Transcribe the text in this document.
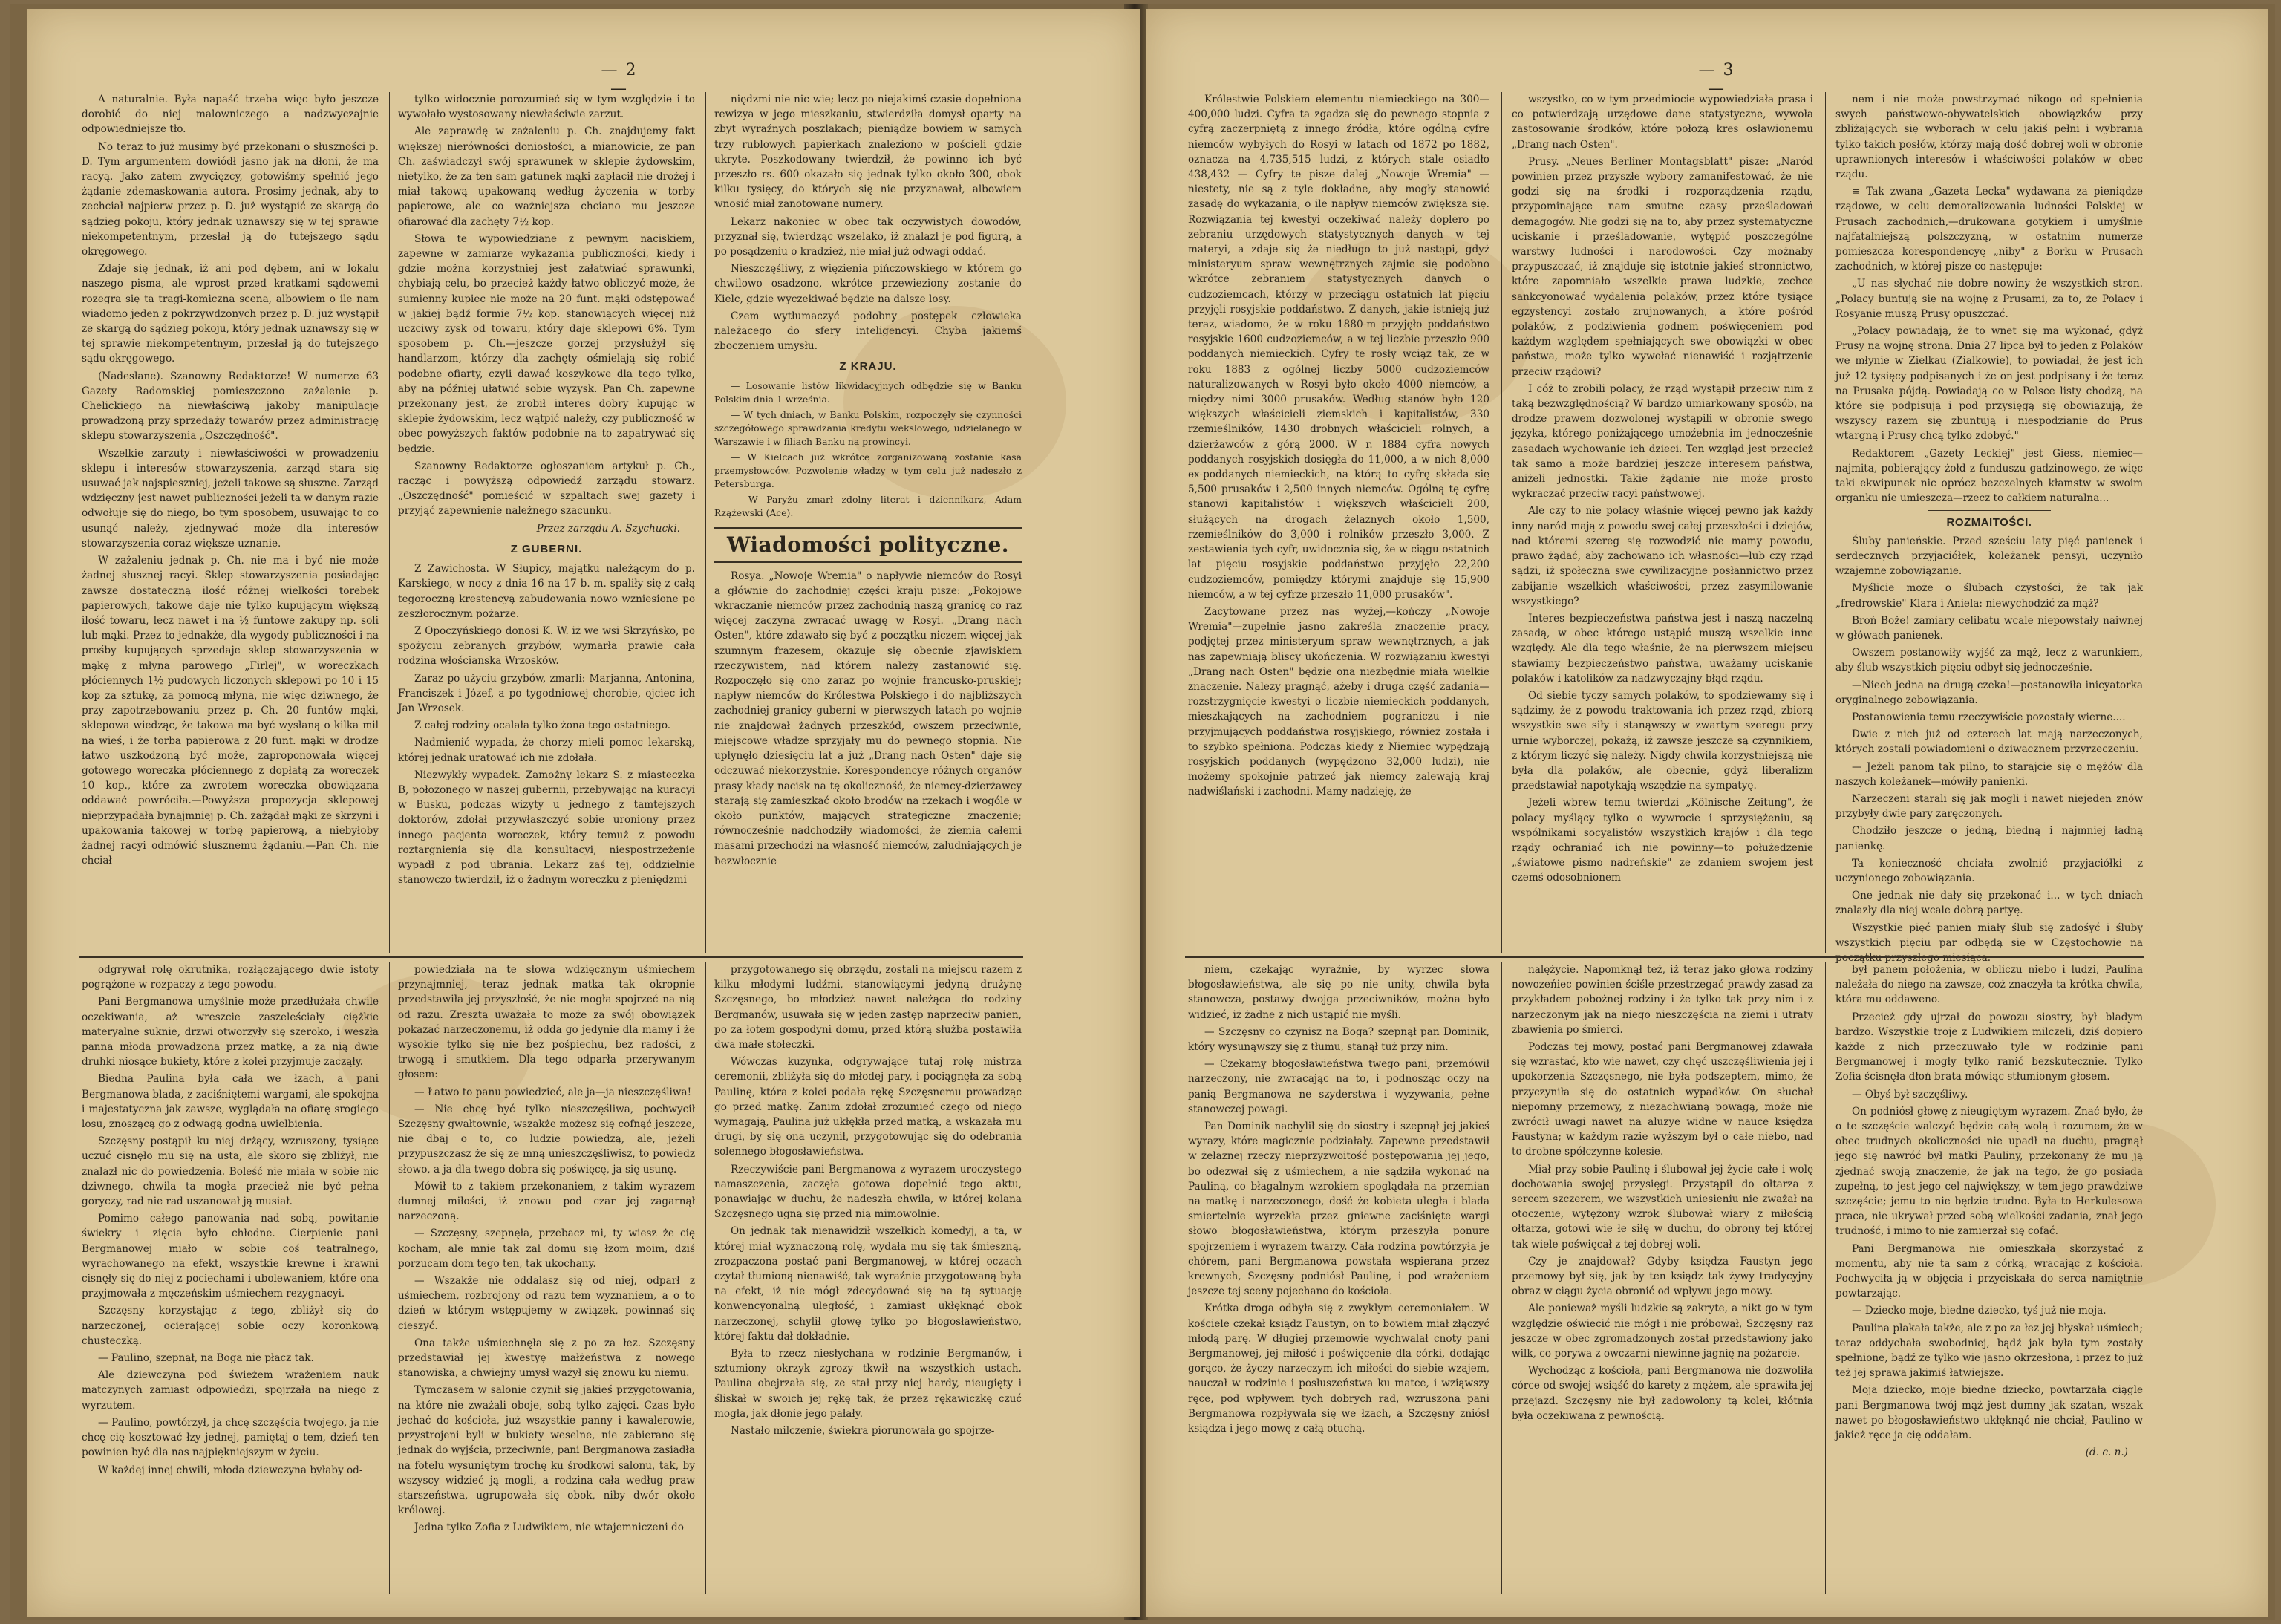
— 2 —

A naturalnie. Była napaść trzeba więc było jeszcze dorobić do niej malowniczego a nadzwyczajnie odpowiedniejsze tło.

No teraz to już musimy być przekonani o słuszności p. D. Tym argumentem dowiódł jasno jak na dłoni, że ma racyą. Jako zatem zwycięzcy, gotowiśmy spełnić jego żądanie zdemaskowania autora. Prosimy jednak, aby to zechciał najpierw przez p. D. już wystąpić ze skargą do sądzieg pokoju, który jednak uznawszy się w tej sprawie niekompetentnym, przesłał ją do tutejszego sądu okręgowego.

Zdaje się jednak, iż ani pod dębem, ani w lokalu naszego pisma, ale wprost przed kratkami sądowemi rozegra się ta tragi-komiczna scena, albowiem o ile nam wiadomo jeden z pokrzywdzonych przez p. D. już wystąpił ze skargą do sądzieg pokoju, który jednak uznawszy się w tej sprawie niekompetentnym, przesłał ją do tutejszego sądu okręgowego.

(Nadesłane). Szanowny Redaktorze! W numerze 63 Gazety Radomskiej pomieszczono zażalenie p. Chelickiego na niewłaściwą jakoby manipulację prowadzoną przy sprzedaży towarów przez administrację sklepu stowarzyszenia „Oszczędność".

Wszelkie zarzuty i niewłaściwości w prowadzeniu sklepu i interesów stowarzyszenia, zarząd stara się usuwać jak najspieszniej, jeżeli takowe są słuszne. Zarząd wdzięczny jest nawet publiczności jeżeli ta w danym razie odwołuje się do niego, bo tym sposobem, usuwając to co usunąć należy, zjednywać może dla interesów stowarzyszenia coraz większe uznanie.

W zażaleniu jednak p. Ch. nie ma i być nie może żadnej słusznej racyi. Sklep stowarzyszenia posiadając zawsze dostateczną ilość różnej wielkości torebek papierowych, takowe daje nie tylko kupującym większą ilość towaru, lecz nawet i na ½ funtowe zakupy np. soli lub mąki. Przez to jednakże, dla wygody publiczności i na prośby kupujących sprzedaje sklep stowarzyszenia w mąkę z młyna parowego „Firlej", w woreczkach płóciennych 1½ pudowych liczonych sklepowi po 10 i 15 kop za sztukę, za pomocą młyna, nie więc dziwnego, że przy zapotrzebowaniu przez p. Ch. 20 funtów mąki, sklepowa wiedząc, że takowa ma być wysłaną o kilka mil na wieś, i że torba papierowa z 20 funt. mąki w drodze łatwo uszkodzoną być może, zaproponowała więcej gotowego woreczka płóciennego z dopłatą za woreczek 10 kop., które za zwrotem woreczka obowiązana oddawać powróciła.—Powyższa propozycja sklepowej nieprzypadała bynajmniej p. Ch. zażądał mąki ze skrzyni i upakowania takowej w torbę papierową, a niebyłoby żadnej racyi odmówić słusznemu żądaniu.—Pan Ch. nie chciał

tylko widocznie porozumieć się w tym względzie i to wywołało wystosowany niewłaściwie zarzut.

Ale zaprawdę w zażaleniu p. Ch. znajdujemy fakt większej nierówności doniosłości, a mianowicie, że pan Ch. zaświadczył swój sprawunek w sklepie żydowskim, nietylko, że za ten sam gatunek mąki zapłacił nie drożej i miał takową upakowaną według życzenia w torby papierowe, ale co ważniejsza chciano mu jeszcze ofiarować dla zachęty 7½ kop.

Słowa te wypowiedziane z pewnym naciskiem, zapewne w zamiarze wykazania publiczności, kiedy i gdzie można korzystniej jest załatwiać sprawunki, chybiają celu, bo przecież każdy łatwo obliczyć może, że sumienny kupiec nie może na 20 funt. mąki odstępować w jakiej bądź formie 7½ kop. stanowiących więcej niż uczciwy zysk od towaru, który daje sklepowi 6%. Tym sposobem p. Ch.—jeszcze gorzej przysłużył się handlarzom, którzy dla zachęty ośmielają się robić podobne ofiarty, czyli dawać koszykowe dla tego tylko, aby na później ułatwić sobie wyzysk. Pan Ch. zapewne przekonany jest, że zrobił interes dobry kupując w sklepie żydowskim, lecz wątpić należy, czy publiczność w obec powyższych faktów podobnie na to zapatrywać się będzie.

Szanowny Redaktorze ogłoszaniem artykuł p. Ch., racząc i powyższą odpowiedź zarządu stowarz. „Oszczędność" pomieścić w szpaltach swej gazety i przyjąć zapewnienie należnego szacunku.

Przez zarządu A. Szychucki.
Z GUBERNI.

Z Zawichosta. W Słupicy, majątku należącym do p. Karskiego, w nocy z dnia 16 na 17 b. m. spaliły się z całą tegoroczną krestencyą zabudowania nowo wzniesione po zeszłorocznym pożarze.

Z Opoczyńskiego donosi K. W. iż we wsi Skrzyńsko, po spożyciu zebranych grzybów, wymarła prawie cała rodzina włościanska Wrzosków.

Zaraz po użyciu grzybów, zmarli: Marjanna, Antonina, Franciszek i Józef, a po tygodniowej chorobie, ojciec ich Jan Wrzosek.

Z całej rodziny ocalała tylko żona tego ostatniego.

Nadmienić wypada, że chorzy mieli pomoc lekarską, której jednak uratować ich nie zdołała.

Niezwykły wypadek. Zamożny lekarz S. z miasteczka B, położonego w naszej gubernii, przebywając na kuracyi w Busku, podczas wizyty u jednego z tamtejszych doktorów, zdołał przywłaszczyć sobie uroniony przez innego pacjenta woreczek, który temuż z powodu roztargnienia się dla konsultacyi, niespostrzeżenie wypadł z pod ubrania. Lekarz zaś tej, oddzielnie stanowczo twierdził, iż o żadnym woreczku z pieniędzmi

niędzmi nie nic wie; lecz po niejakimś czasie dopełniona rewizya w jego mieszkaniu, stwierdziła domysł oparty na zbyt wyraźnych poszlakach; pieniądze bowiem w samych trzy rublowych papierkach znaleziono w pościeli gdzie ukryte. Poszkodowany twierdził, że powinno ich być przeszło rs. 600 okazało się jednak tylko około 300, obok kilku tysięcy, do których się nie przyznawał, albowiem wnosić miał zanotowane numery.

Lekarz nakoniec w obec tak oczywistych dowodów, przyznał się, twierdząc wszelako, iż znalazł je pod figurą, a po posądzeniu o kradzież, nie miał już odwagi oddać.

Nieszczęśliwy, z więzienia pińczowskiego w którem go chwilowo osadzono, wkrótce przewieziony zostanie do Kielc, gdzie wyczekiwać będzie na dalsze losy.

Czem wytłumaczyć podobny postępek człowieka należącego do sfery inteligencyi. Chyba jakiemś zboczeniem umysłu.

Z KRAJU.

— Losowanie listów likwidacyjnych odbędzie się w Banku Polskim dnia 1 września.

— W tych dniach, w Banku Polskim, rozpoczęły się czynności szczegółowego sprawdzania kredytu wekslowego, udzielanego w Warszawie i w filiach Banku na prowincyi.

— W Kielcach już wkrótce zorganizowaną zostanie kasa przemysłowców. Pozwolenie władzy w tym celu już nadeszło z Petersburga.

— W Paryżu zmarł zdolny literat i dziennikarz, Adam Rzążewski (Ace).

Wiadomości polityczne.

Rosya. „Nowoje Wremia" o napływie niemców do Rosyi a głównie do zachodniej części kraju pisze: „Pokojowe wkraczanie niemców przez zachodnią naszą granicę co raz więcej zaczyna zwracać uwagę w Rosyi. „Drang nach Osten", które zdawało się być z początku niczem więcej jak szumnym frazesem, okazuje się obecnie zjawiskiem rzeczywistem, nad którem należy zastanowić się. Rozpoczęło się ono zaraz po wojnie francusko-pruskiej; napływ niemców do Królestwa Polskiego i do najbliższych zachodniej granicy guberni w pierwszych latach po wojnie nie znajdował żadnych przeszkód, owszem przeciwnie, miejscowe władze sprzyjały mu do pewnego stopnia. Nie upłynęło dziesięciu lat a już „Drang nach Osten" daje się odczuwać niekorzystnie. Korespondencye różnych organów prasy kłady nacisk na tę okoliczność, że niemcy-dzierżawcy starają się zamieszkać około brodów na rzekach i wogóle w około punktów, mających strategiczne znaczenie; równocześnie nadchodziły wiadomości, że ziemia całemi masami przechodzi na własność niemców, zaludniających je bezwłocznie

odgrywał rolę okrutnika, rozłączającego dwie istoty pogrążone w rozpaczy z tego powodu.

Pani Bergmanowa umyślnie może przedłużała chwile oczekiwania, aż wreszcie zaszeleściały ciężkie materyalne suknie, drzwi otworzyły się szeroko, i weszła panna młoda prowadzona przez matkę, a za nią dwie druhki niosące bukiety, które z kolei przyjmuje zacząły.

Biedna Paulina była cała we łzach, a pani Bergmanowa blada, z zaciśniętemi wargami, ale spokojna i majestatyczna jak zawsze, wyglądała na ofiarę srogiego losu, znoszącą go z odwagą godną uwielbienia.

Szczęsny postąpił ku niej drżący, wzruszony, tysiące uczuć cisnęło mu się na usta, ale skoro się zbliżył, nie znalazł nic do powiedzenia. Boleść nie miała w sobie nic dziwnego, chwila ta mogła przecież nie być pełna goryczy, rad nie rad uszanował ją musiał.

Pomimo całego panowania nad sobą, powitanie świekry i zięcia było chłodne. Cierpienie pani Bergmanowej miało w sobie coś teatralnego, wyrachowanego na efekt, wszystkie krewne i krawni cisnęły się do niej z pociechami i ubolewaniem, które ona przyjmowała z męczeńskim uśmiechem rezygnacyi.

Szczęsny korzystając z tego, zbliżył się do narzeczonej, ocierającej sobie oczy koronkową chusteczką.

— Paulino, szepnął, na Boga nie płacz tak.

Ale dziewczyna pod świeżem wrażeniem nauk matczynych zamiast odpowiedzi, spojrzała na niego z wyrzutem.

— Paulino, powtórzył, ja chcę szczęścia twojego, ja nie chcę cię kosztować łzy jednej, pamiętaj o tem, dzień ten powinien być dla nas najpiękniejszym w życiu.

W każdej innej chwili, młoda dziewczyna byłaby od-

powiedziała na te słowa wdzięcznym uśmiechem przynajmniej, teraz jednak matka tak okropnie przedstawiła jej przyszłość, że nie mogła spojrzeć na nią od razu. Zresztą uważała to może za swój obowiązek pokazać narzeczonemu, iż odda go jedynie dla mamy i że wysokie tylko się nie bez pośpiechu, bez radości, z trwogą i smutkiem. Dla tego odparła przerywanym głosem:

— Łatwo to panu powiedzieć, ale ja—ja nieszczęśliwa!

— Nie chcę być tylko nieszczęśliwa, pochwycił Szczęsny gwałtownie, wszakże możesz się cofnąć jeszcze, nie dbaj o to, co ludzie powiedzą, ale, jeżeli przypuszczasz że się ze mną unieszczęśliwisz, to powiedz słowo, a ja dla twego dobra się poświęcę, ja się usunę.

Mówił to z takiem przekonaniem, z takim wyrazem dumnej miłości, iż znowu pod czar jej zagarnął narzeczoną.

— Szczęsny, szepnęła, przebacz mi, ty wiesz że cię kocham, ale mnie tak żal domu się łzom moim, dziś porzucam dom tego ten, tak ukochany.

— Wszakże nie oddalasz się od niej, odparł z uśmiechem, rozbrojony od razu tem wyznaniem, a o to dzień w którym wstępujemy w związek, powinnaś się cieszyć.

Ona także uśmiechnęła się z po za łez. Szczęsny przedstawiał jej kwestyę małżeństwa z nowego stanowiska, a chwiejny umysł ważył się znowu ku niemu.

Tymczasem w salonie czynił się jakieś przygotowania, na które nie zważali oboje, sobą tylko zajęci. Czas było jechać do kościoła, już wszystkie panny i kawalerowie, przystrojeni byli w bukiety weselne, nie zabierano się jednak do wyjścia, przeciwnie, pani Bergmanowa zasiadła na fotelu wysuniętym trochę ku środkowi salonu, tak, by wszyscy widzieć ją mogli, a rodzina cała według praw starszeństwa, ugrupowała się obok, niby dwór około królowej.

Jedna tylko Zofia z Ludwikiem, nie wtajemniczeni do

przygotowanego się obrzędu, zostali na miejscu razem z kilku młodymi ludźmi, stanowiącymi jedyną drużynę Szczęsnego, bo młodzież nawet należąca do rodziny Bergmanów, usuwała się w jeden zastęp naprzeciw panien, po za łotem gospodyni domu, przed którą służba postawiła dwa małe stołeczki.

Wówczas kuzynka, odgrywające tutaj rolę mistrza ceremonii, zbliżyła się do młodej pary, i pociągnęła za sobą Paulinę, która z kolei podała rękę Szczęsnemu prowadząc go przed matkę. Zanim zdołał zrozumieć czego od niego wymagają, Paulina już ukłękła przed matką, a wskazała mu drugi, by się ona uczynił, przygotowując się do odebrania solennego błogosławieństwa.

Rzeczywiście pani Bergmanowa z wyrazem uroczystego namaszczenia, zaczęła gotowa dopełnić tego aktu, ponawiając w duchu, że nadeszła chwila, w której kolana Szczęsnego ugną się przed nią mimowolnie.

On jednak tak nienawidził wszelkich komedyj, a ta, w której miał wyznaczoną rolę, wydała mu się tak śmieszną, zrozpaczona postać pani Bergmanowej, w której oczach czytał tłumioną nienawiść, tak wyraźnie przygotowaną była na efekt, iż nie mógł zdecydować się na tą sytuację konwencyonalną uległość, i zamiast ukłęknąć obok narzeczonej, schylił głowę tylko po błogosławieństwo, której faktu dał dokładnie.

Była to rzecz niesłychana w rodzinie Bergmanów, i sztumiony okrzyk zgrozy tkwił na wszystkich ustach. Paulina obejrzała się, ze stał przy niej hardy, nieugięty i śliskał w swoich jej rękę tak, że przez rękawiczkę czuć mogła, jak dłonie jego pałały.

Nastało milczenie, świekra piorunowała go spojrze-

— 3 —

Królestwie Polskiem elementu niemieckiego na 300—400,000 ludzi. Cyfra ta zgadza się do pewnego stopnia z cyfrą zaczerpniętą z innego źródła, które ogólną cyfrę niemców wybyłych do Rosyi w latach od 1872 po 1882, oznacza na 4,735,515 ludzi, z których stale osiadło 438,432 — Cyfry te pisze dalej „Nowoje Wremia" — niestety, nie są z tyle dokładne, aby mogły stanowić zasadę do wykazania, o ile napływ niemców zwiększa się. Rozwiązania tej kwestyi oczekiwać należy doplero po zebraniu urzędowych statystycznych danych w tej materyi, a zdaje się że niedługo to już nastąpi, gdyż ministeryum spraw wewnętrznych zajmie się podobno wkrótce zebraniem statystycznych danych o cudzoziemcach, którzy w przeciągu ostatnich lat pięciu przyjęli rosyjskie poddaństwo. Z danych, jakie istnieją już teraz, wiadomo, że w roku 1880-m przyjęło poddaństwo rosyjskie 1600 cudzoziemców, a w tej liczbie przeszło 900 poddanych niemieckich. Cyfry te rosły wciąż tak, że w roku 1883 z ogólnej liczby 5000 cudzoziemców naturalizowanych w Rosyi było około 4000 niemców, a między nimi 3000 prusaków. Według stanów było 120 większych właścicieli ziemskich i kapitalistów, 330 rzemieślników, 1430 drobnych właścicieli rolnych, a dzierżawców z górą 2000. W r. 1884 cyfra nowych poddanych rosyjskich dosięgła do 11,000, a w nich 8,000 ex-poddanych niemieckich, na którą to cyfrę składa się 5,500 prusaków i 2,500 innych niemców. Ogólną tę cyfrę stanowi kapitalistów i większych właścicieli 200, służących na drogach żelaznych około 1,500, rzemieślników do 3,000 i rolników przeszło 3,000. Z zestawienia tych cyfr, uwidocznia się, że w ciągu ostatnich lat pięciu rosyjskie poddaństwo przyjęło 22,200 cudzoziemców, pomiędzy którymi znajduje się 15,900 niemców, a w tej cyfrze przeszło 11,000 prusaków".

Zacytowane przez nas wyżej,—kończy „Nowoje Wremia"—zupełnie jasno zakreśla znaczenie pracy, podjętej przez ministeryum spraw wewnętrznych, a jak nas zapewniają bliscy ukończenia. W rozwiązaniu kwestyi „Drang nach Osten" będzie ona niezbędnie miała wielkie znaczenie. Nalezy pragnąć, ażeby i druga część zadania—rozstrzygnięcie kwestyi o liczbie niemieckich poddanych, mieszkających na zachodniem pograniczu i nie przyjmujących poddaństwa rosyjskiego, również została i to szybko spełniona. Podczas kiedy z Niemiec wypędzają rosyjskich poddanych (wypędzono 32,000 ludzi), nie możemy spokojnie patrzeć jak niemcy zalewają kraj nadwiślański i zachodni. Mamy nadzieję, że

wszystko, co w tym przedmiocie wypowiedziała prasa i co potwierdzają urzędowe dane statystyczne, wywoła zastosowanie środków, które położą kres osławionemu „Drang nach Osten".

Prusy. „Neues Berliner Montagsblatt" pisze: „Naród powinien przez przyszłe wybory zamanifestować, że nie godzi się na środki i rozporządzenia rządu, przypominające nam smutne czasy prześladowań demagogów. Nie godzi się na to, aby przez systematyczne uciskanie i prześladowanie, wytępić poszczególne warstwy ludności i narodowości. Czy możnaby przypuszczać, iż znajduje się istotnie jakieś stronnictwo, które zapomniało wszelkie prawa ludzkie, zechce sankcyonować wydalenia polaków, przez które tysiące egzystencyi zostało zrujnowanych, a które pośród polaków, z podziwienia godnem poświęceniem pod każdym względem spełniających swe obowiązki w obec państwa, może tylko wywołać nienawiść i rozjątrzenie przeciw rządowi?

I cóż to zrobili polacy, że rząd wystąpił przeciw nim z taką bezwzględnością? W bardzo umiarkowany sposób, na drodze prawem dozwolonej wystąpili w obronie swego języka, którego poniżającego umoźebnia im jednocześnie zasadach wychowanie ich dzieci. Ten wzgląd jest przecież tak samo a może bardziej jeszcze interesem państwa, aniżeli jednostki. Takie żądanie nie może prosto wykraczać przeciw racyi państwowej.

Ale czy to nie polacy właśnie więcej pewno jak każdy inny naród mają z powodu swej całej przeszłości i dziejów, nad któremi szereg się rozwodzić nie mamy powodu, prawo żądać, aby zachowano ich własności—lub czy rząd sądzi, iż społeczna swe cywilizacyjne posłannictwo przez zabijanie wszelkich właściwości, przez zasymilowanie wszystkiego?

Interes bezpieczeństwa państwa jest i naszą naczelną zasadą, w obec którego ustąpić muszą wszelkie inne względy. Ale dla tego właśnie, że na pierwszem miejscu stawiamy bezpieczeństwo państwa, uważamy uciskanie polaków i katolików za nadzwyczajny błąd rządu.

Od siebie tyczy samych polaków, to spodziewamy się i sądzimy, że z powodu traktowania ich przez rząd, zbiorą wszystkie swe siły i stanąwszy w zwartym szeregu przy urnie wyborczej, pokażą, iż zawsze jeszcze są czynnikiem, z którym liczyć się należy. Nigdy chwila korzystniejszą nie była dla polaków, ale obecnie, gdyż liberalizm przedstawiał napotykają wszędzie na sympatyę.

Jeżeli wbrew temu twierdzi „Kölnische Zeitung", że polacy myślący tylko o wywrocie i sprzysiężeniu, są wspólnikami socyalistów wszystkich krajów i dla tego rządy ochraniać ich nie powinny—to połużedzenie „światowe pismo nadreńskie" ze zdaniem swojem jest czemś odosobnionem

nem i nie może powstrzymać nikogo od spełnienia swych państwowo-obywatelskich obowiązków przy zbliżających się wyborach w celu jakiś pełni i wybrania tylko takich posłów, którzy mają dość dobrej woli w obronie uprawnionych interesów i właściwości polaków w obec rządu.

≡ Tak zwana „Gazeta Lecka" wydawana za pieniądze rządowe, w celu demoralizowania ludności Polskiej w Prusach zachodnich,—drukowana gotykiem i umyślnie najfatalniejszą polszczyzną, w ostatnim numerze pomieszcza korespondencyę „niby" z Borku w Prusach zachodnich, w której pisze co następuje:

„U nas słychać nie dobre nowiny że wszystkich stron. „Polacy buntują się na wojnę z Prusami, za to, że Polacy i Rosyanie muszą Prusy opuszczać.

„Polacy powiadają, że to wnet się ma wykonać, gdyż Prusy na wojnę strona. Dnia 27 lipca był to jeden z Polaków we młynie w Zielkau (Zialkowie), to powiadał, że jest ich już 12 tysięcy podpisanych i że on jest podpisany i że teraz na Prusaka pójdą. Powiadają co w Polsce listy chodzą, na które się podpisują i pod przysięgą się obowiązują, że wszyscy razem się zbuntują i niespodzianie do Prus wtargną i Prusy chcą tylko zdobyć."

Redaktorem „Gazety Leckiej" jest Giess, niemiec—najmita, pobierający żołd z funduszu gadzinowego, że więc taki ekwipunek nic oprócz bezczelnych kłamstw w swoim organku nie umieszcza—rzecz to całkiem naturalna...

ROZMAITOŚCI.

Śluby panieńskie. Przed sześciu laty pięć panienek i serdecznych przyjaciółek, koleżanek pensyi, uczyniło wzajemne zobowiązanie.

Myślicie może o ślubach czystości, że tak jak „fredrowskie" Klara i Aniela: niewychodzić za mąż?

Broń Boże! zamiary celibatu wcale niepowstały naiwnej w główach panienek.

Owszem postanowiły wyjść za mąż, lecz z warunkiem, aby ślub wszystkich pięciu odbył się jednocześnie.

—Niech jedna na drugą czeka!—postanowiła inicyatorka oryginalnego zobowiązania.

Postanowienia temu rzeczywiście pozostały wierne....

Dwie z nich już od czterech lat mają narzeczonych, których zostali powiadomieni o dziwacznem przyrzeczeniu.

— Jeżeli panom tak pilno, to starajcie się o mężów dla naszych koleżanek—mówiły panienki.

Narzeczeni starali się jak mogli i nawet niejeden znów przybyły dwie pary zaręczonych.

Chodziło jeszcze o jedną, biedną i najmniej ładną panienkę.

Ta konieczność chciała zwolnić przyjaciółki z uczynionego zobowiązania.

One jednak nie dały się przekonać i... w tych dniach znalazły dla niej wcale dobrą partyę.

Wszystkie pięć panien miały ślub się zadośyć i śluby wszystkich pięciu par odbędą się w Częstochowie na

niem, czekając wyraźnie, by wyrzec słowa błogosławieństwa, ale się po nie unity, chwila była stanowcza, postawy dwojga przeciwników, można było widzieć, iż żadne z nich ustąpić nie myśli.

— Szczęsny co czynisz na Boga? szepnął pan Dominik, który wysunąwszy się z tłumu, stanął tuż przy nim.

— Czekamy błogosławieństwa twego pani, przemówił narzeczony, nie zwracając na to, i podnosząc oczy na panią Bergmanowa ne szyderstwa i wyzywania, pełne stanowczej powagi.

Pan Dominik nachylił się do siostry i szepnął jej jakieś wyrazy, które magicznie podziałały. Zapewne przedstawił w żelaznej rzeczy nieprzyzwoitość postępowania jej jego, bo odezwał się z uśmiechem, a nie sądziła wykonać na Pauliną, co błagalnym wzrokiem spoglądała na przemian na matkę i narzeczonego, dość że kobieta uległa i blada smiertelnie wyrzekła przez gniewne zaciśnięte wargi słowo błogosławieństwa, którym przeszyła ponure spojrzeniem i wyrazem twarzy. Cała rodzina powtórzyła je chórem, pani Bergmanowa powstała wspierana przez krewnych, Szczęsny podniósł Paulinę, i pod wrażeniem jeszcze tej sceny pojechano do kościoła.

Krótka droga odbyła się z zwykłym ceremoniałem. W kościele czekał ksiądz Faustyn, on to bowiem miał złączyć młodą parę. W długiej przemowie wychwalał cnoty pani Bergmanowej, jej miłość i poświęcenie dla córki, dodając gorąco, że życzy narzeczym ich miłości do siebie wzajem, nauczał w rodzinie i posłuszeństwa ku matce, i wziąwszy ręce, pod wpływem tych dobrych rad, wzruszona pani Bergmanowa rozpływała się we łzach, a Szczęsny zniósł ksiądza i jego mowę z całą otuchą.

nalężycie. Napomknął też, iż teraz jako głowa rodziny nowozeńiec powinien ściśle przestrzegać prawdy zasad za przykładem pobożnej rodziny i że tylko tak przy nim i z narzeczonym jak na niego nieszczęścia na ziemi i utraty zbawienia po śmierci.

Podczas tej mowy, postać pani Bergmanowej zdawała się wzrastać, kto wie nawet, czy chęć uszczęśliwienia jej i upokorzenia Szczęsnego, nie była podszeptem, mimo, że przyczyniła się do ostatnich wypadków. On słuchał niepomny przemowy, z niezachwianą powagą, może nie zwrócił uwagi nawet na aluzye widne w nauce księdza Faustyna; w każdym razie wyższym był o całe niebo, nad to drobne spółczynne kolesie.

Miał przy sobie Paulinę i ślubował jej życie całe i wolę dochowania swojej przysięgi. Przystąpił do ołtarza z sercem szczerem, we wszystkich uniesieniu nie zważał na otoczenie, wytężony wzrok ślubował wiary z miłością ołtarza, gotowi wie łe siłę w duchu, do obrony tej której tak wiele poświęcał z tej dobrej woli.

Czy je znajdował? Gdyby księdza Faustyn jego przemowy był się, jak by ten ksiądz tak żywy tradycyjny obraz w ciągu życia obronić od wpływu jego mowy.

Ale ponieważ myśli ludzkie są zakryte, a nikt go w tym względzie oświecić nie mógł i nie próbował, Szczęsny raz jeszcze w obec zgromadzonych został przedstawiony jako wilk, co porywa z owczarni niewinne jagnię na pożarcie.

Wychodząc z kościoła, pani Bergmanowa nie dozwoliła córce od swojej wsiąść do karety z mężem, ale sprawiła jej przejazd. Szczęsny nie był zadowolony tą kolei, kłótnia była oczekiwana z pewnością.

był panem położenia, w obliczu niebo i ludzi, Paulina należała do niego na zawsze, coż znaczyła ta krótka chwila, która mu oddaweno.

Przecież gdy ujrzał do powozu siostry, był bladym bardzo. Wszystkie troje z Ludwikiem milczeli, dziś dopiero każde z nich przeczuwało tyle w rodzinie pani Bergmanowej i mogły tylko ranić bezskutecznie. Tylko Zofia ścisnęła dłoń brata mówiąc stłumionym głosem.

— Obyś był szczęśliwy.

On podniósł głowę z nieugiętym wyrazem. Znać było, że o te szczęście walczyć będzie całą wolą i rozumem, że w obec trudnych okoliczności nie upadł na duchu, pragnął jego się nawróć był matki Pauliny, przekonany że mu ją zjednać swoją znaczenie, że jak na tego, że go posiada zupełną, to jest jego cel największy, w tem jego prawdziwe szczęście; jemu to nie będzie trudno. Była to Herkulesowa praca, nie ukrywał przed sobą wielkości zadania, znał jego trudność, i mimo to nie zamierzał się cofać.

Pani Bergmanowa nie omieszkała skorzystać z momentu, aby nie ta sam z córką, wracając z kościoła. Pochwyciła ją w objęcia i przyciskała do serca namiętnie powtarzając.

— Dziecko moje, biedne dziecko, tyś już nie moja.

Paulina płakała także, ale z po za łez jej błyskał uśmiech; teraz oddychała swobodniej, bądź jak była tym zostały spełnione, bądź że tylko wie jasno okrzesłona, i przez to już też jej sprawa jakimiś łatwiejsze.

Moja dziecko, moje biedne dziecko, powtarzała ciągle pani Bergmanowa twój mąż jest dumny jak szatan, wszak nawet po błogosławieństwo ukłęknąć nie chciał, Paulino w jakież ręce ja cię oddałam.

(d. c. n.)
